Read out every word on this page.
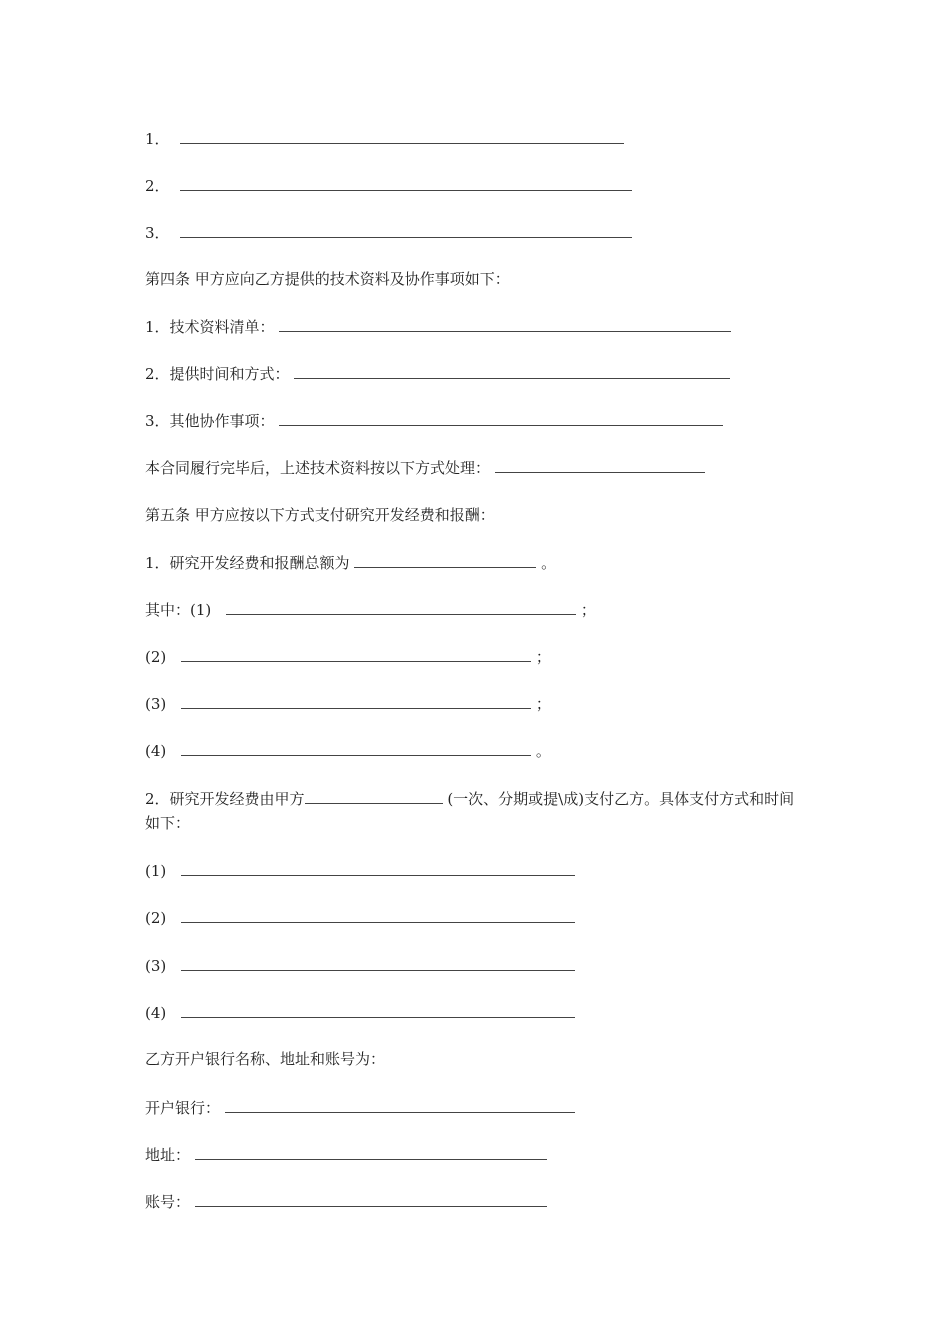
1．
2．
3．
第四条 甲方应向乙方提供的技术资料及协作事项如下：
1．技术资料清单：
2．提供时间和方式：
3．其他协作事项：
本合同履行完毕后，上述技术资料按以下方式处理：
第五条 甲方应按以下方式支付研究开发经费和报酬：
1．研究开发经费和报酬总额为	。
其中：(1)	；
(2)	；
(3)	；
(4)	。
2．研究开发经费由甲方	(一次、分期或提\成)支付乙方。具体支付方式和时间如下：
(1)
(2)
(3)
(4)
乙方开户银行名称、地址和账号为：
开户银行：
地址：
账号：
